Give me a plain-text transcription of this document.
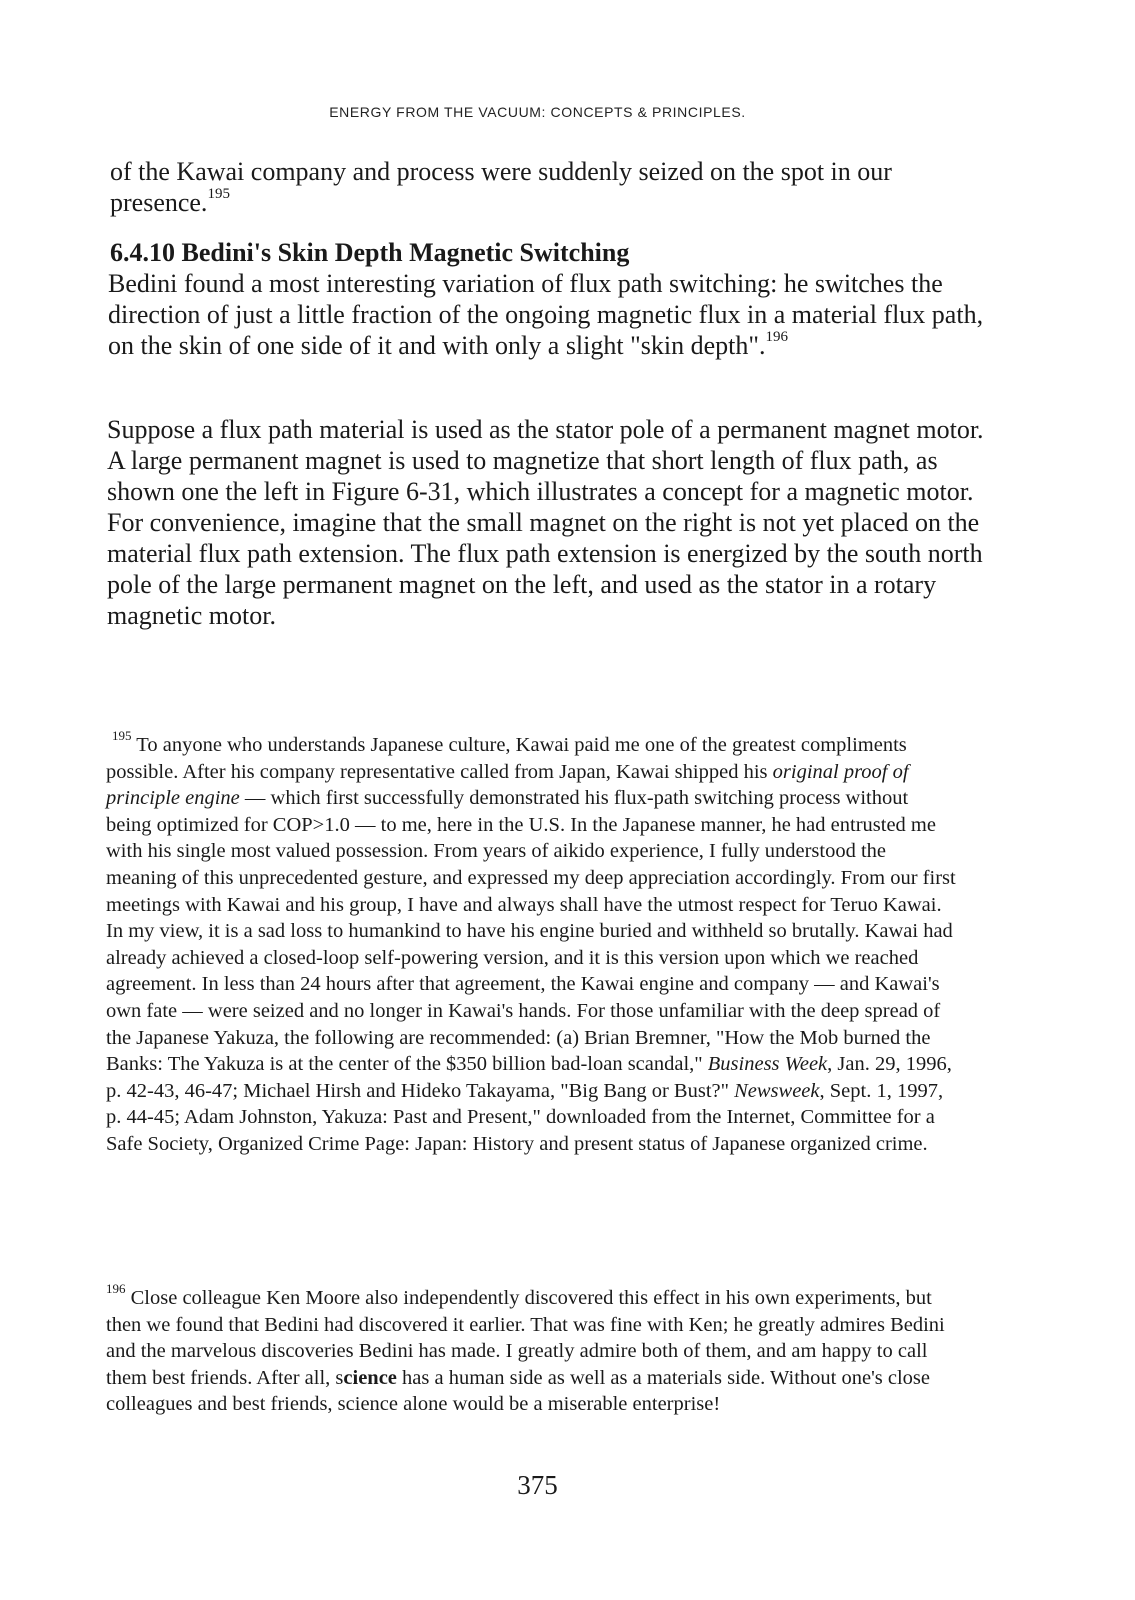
ENERGY FROM THE VACUUM: CONCEPTS & PRINCIPLES.

of the Kawai company and process were suddenly seized on the spot in our presence.$^{195}$

6.4.10 Bedini's Skin Depth Magnetic Switching

Bedini found a most interesting variation of flux path switching: he switches the direction of just a little fraction of the ongoing magnetic flux in a material flux path, on the skin of one side of it and with only a slight "skin depth".$^{196}$

Suppose a flux path material is used as the stator pole of a permanent magnet motor. A large permanent magnet is used to magnetize that short length of flux path, as shown one the left in Figure 6-31, which illustrates a concept for a magnetic motor. For convenience, imagine that the small magnet on the right is not yet placed on the material flux path extension. The flux path extension is energized by the south north pole of the large permanent magnet on the left, and used as the stator in a rotary magnetic motor.

$^{195}$ To anyone who understands Japanese culture, Kawai paid me one of the greatest compliments possible. After his company representative called from Japan, Kawai shipped his original proof of principle engine — which first successfully demonstrated his flux-path switching process without being optimized for COP>1.0 — to me, here in the U.S. In the Japanese manner, he had entrusted me with his single most valued possession. From years of aikido experience, I fully understood the meaning of this unprecedented gesture, and expressed my deep appreciation accordingly. From our first meetings with Kawai and his group, I have and always shall have the utmost respect for Teruo Kawai. In my view, it is a sad loss to humankind to have his engine buried and withheld so brutally. Kawai had already achieved a closed-loop self-powering version, and it is this version upon which we reached agreement. In less than 24 hours after that agreement, the Kawai engine and company — and Kawai's own fate — were seized and no longer in Kawai's hands. For those unfamiliar with the deep spread of the Japanese Yakuza, the following are recommended: (a) Brian Bremner, "How the Mob burned the Banks: The Yakuza is at the center of the $350 billion bad-loan scandal," Business Week, Jan. 29, 1996, p. 42-43, 46-47; Michael Hirsh and Hideko Takayama, "Big Bang or Bust?" Newsweek, Sept. 1, 1997, p. 44-45; Adam Johnston, Yakuza: Past and Present," downloaded from the Internet, Committee for a Safe Society, Organized Crime Page: Japan: History and present status of Japanese organized crime.

$^{196}$ Close colleague Ken Moore also independently discovered this effect in his own experiments, but then we found that Bedini had discovered it earlier. That was fine with Ken; he greatly admires Bedini and the marvelous discoveries Bedini has made. I greatly admire both of them, and am happy to call them best friends. After all, science has a human side as well as a materials side. Without one's close colleagues and best friends, science alone would be a miserable enterprise!

375
